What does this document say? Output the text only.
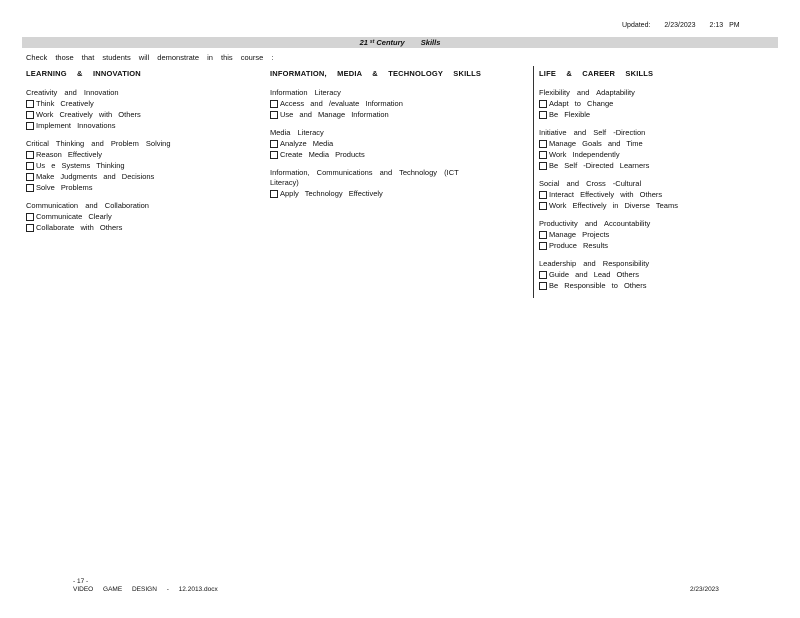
Updated: 2/23/2023 2:13 PM
21 $^{st}$ Century Skills
Check those that students will demonstrate in this course :
LEARNING & INNOVATION
Creativity and Innovation
Think Creatively
Work Creatively with Others
Implement Innovations
Critical Thinking and Problem Solving
Reason Effectively
Us e Systems Thinking
Make Judgments and Decisions
Solve Problems
Communication and Collaboration
Communicate Clearly
Collaborate with Others
INFORMATION, MEDIA & TECHNOLOGY SKILLS
Information Literacy
Access and /evaluate Information
Use and Manage Information
Media Literacy
Analyze Media
Create Media Products
Information, Communications and Technology (ICT Literacy)
Apply Technology Effectively
LIFE & CAREER SKILLS
Flexibility and Adaptability
Adapt to Change
Be Flexible
Initiative and Self -Direction
Manage Goals and Time
Work Independently
Be Self -Directed Learners
Social and Cross -Cultural
Interact Effectively with Others
Work Effectively in Diverse Teams
Productivity and Accountability
Manage Projects
Produce Results
Leadership and Responsibility
Guide and Lead Others
Be Responsible to Others
- 17 -
VIDEO GAME DESIGN - 12.2013.docx	2/23/2023
